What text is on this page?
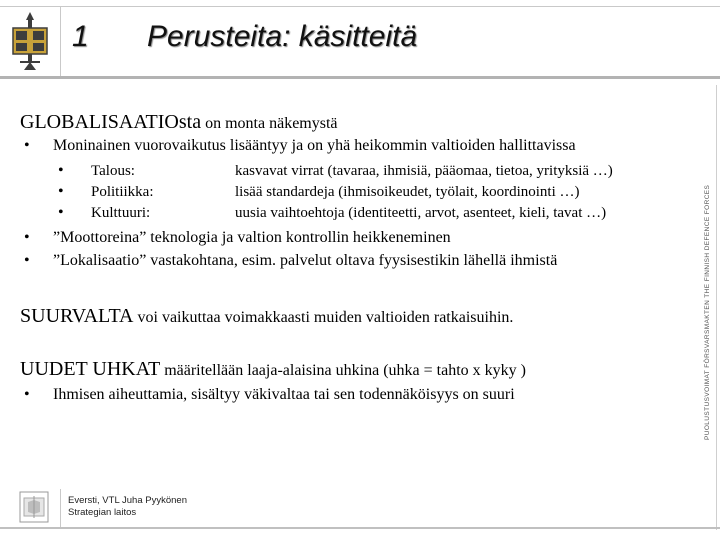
1 Perusteita: käsitteitä
GLOBALISAATIOsta on monta näkemystä
• Moninainen vuorovaikutus lisääntyy ja on yhä heikommin valtioiden hallittavissa
• Talous:	kasvavat virrat (tavaraa, ihmisiä, pääomaa, tietoa, yrityksiä …)
• Politiikka:	lisää standardeja (ihmisoikeudet, työlait, koordinointi …)
• Kulttuuri:	uusia vaihtoehtoja (identiteetti, arvot, asenteet, kieli, tavat …)
• ”Moottoreina” teknologia ja valtion kontrollin heikkeneminen
• ”Lokalisaatio” vastakohtana, esim. palvelut oltava fyysisestikin lähellä ihmistä
SUURVALTA voi vaikuttaa voimakkaasti muiden valtioiden ratkaisuihin.
UUDET UHKAT määritellään laaja-alaisina uhkina (uhka = tahto x kyky )
• Ihmisen aiheuttamia, sisältyy väkivaltaa tai sen todennäköisyys on suuri	PUOLUSTUSVOIMAT FÖRSVARSMAKTEN THE FINNISH DEFENCE FORCES
Eversti, VTL Juha Pyykönen
Strategian laitos
